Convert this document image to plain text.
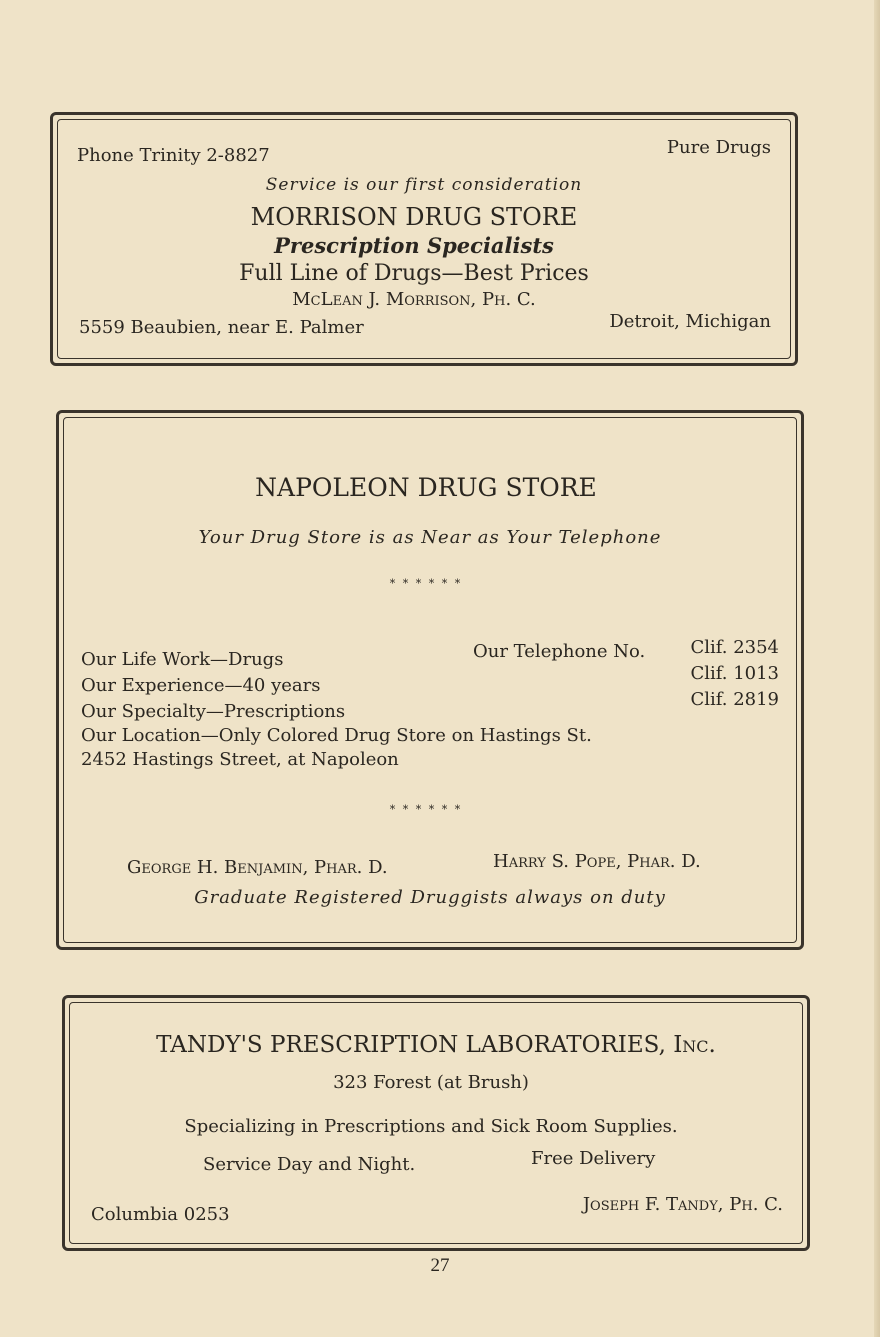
Phone Trinity 2-8827	Pure Drugs
Service is our first consideration
MORRISON DRUG STORE
Prescription Specialists
Full Line of Drugs—Best Prices
McLean J. Morrison, Ph. C.
5559 Beaubien, near E. Palmer	Detroit, Michigan
NAPOLEON DRUG STORE
Your Drug Store is as Near as Your Telephone
* * * * * *
Our Life Work—Drugs
Our Experience—40 years
Our Specialty—Prescriptions
Our Location—Only Colored Drug Store on Hastings St.
2452 Hastings Street, at Napoleon
Our Telephone No.	Clif. 2354
Clif. 1013
Clif. 2819
* * * * * *
George H. Benjamin, Phar. D.	Harry S. Pope, Phar. D.
Graduate Registered Druggists always on duty
TANDY'S PRESCRIPTION LABORATORIES, Inc.
323 Forest (at Brush)
Specializing in Prescriptions and Sick Room Supplies.
Service Day and Night.	Free Delivery
Columbia 0253	Joseph F. Tandy, Ph. C.
27
